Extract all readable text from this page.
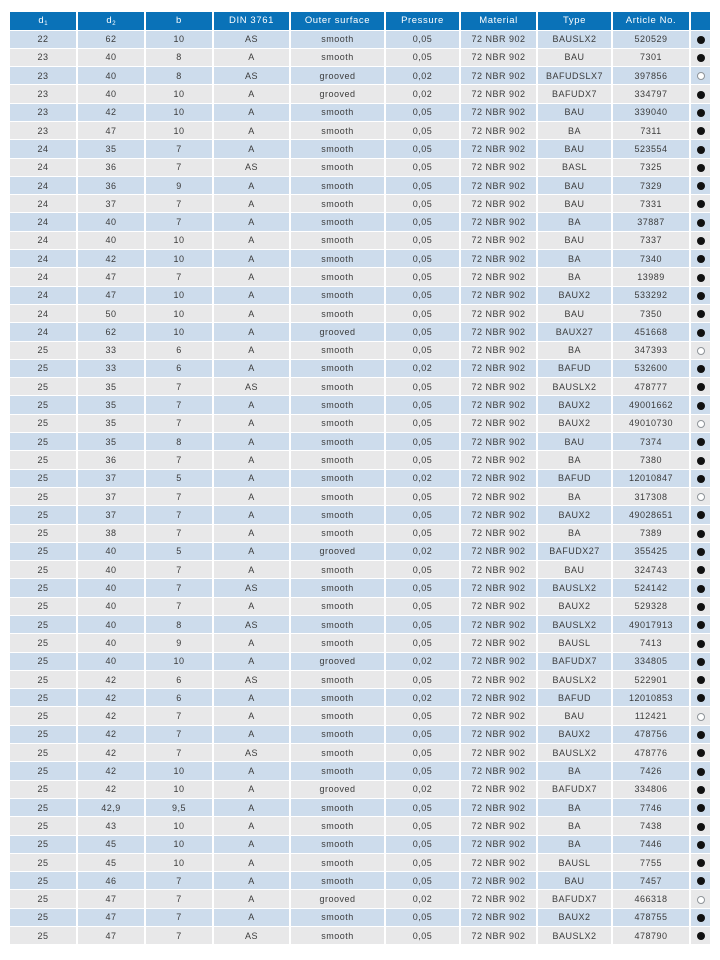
$d_1$	$d_2$	b	DIN 3761	Outer surface	Pressure	Material	Type	Article No.	
22	62	10	AS	smooth	0,05	72 NBR 902	BAUSLX2	520529	
23	40	8	A	smooth	0,05	72 NBR 902	BAU	7301	
23	40	8	AS	grooved	0,02	72 NBR 902	BAFUDSLX7	397856	
23	40	10	A	grooved	0,02	72 NBR 902	BAFUDX7	334797	
23	42	10	A	smooth	0,05	72 NBR 902	BAU	339040	
23	47	10	A	smooth	0,05	72 NBR 902	BA	7311	
24	35	7	A	smooth	0,05	72 NBR 902	BAU	523554	
24	36	7	AS	smooth	0,05	72 NBR 902	BASL	7325	
24	36	9	A	smooth	0,05	72 NBR 902	BAU	7329	
24	37	7	A	smooth	0,05	72 NBR 902	BAU	7331	
24	40	7	A	smooth	0,05	72 NBR 902	BA	37887	
24	40	10	A	smooth	0,05	72 NBR 902	BAU	7337	
24	42	10	A	smooth	0,05	72 NBR 902	BA	7340	
24	47	7	A	smooth	0,05	72 NBR 902	BA	13989	
24	47	10	A	smooth	0,05	72 NBR 902	BAUX2	533292	
24	50	10	A	smooth	0,05	72 NBR 902	BAU	7350	
24	62	10	A	grooved	0,05	72 NBR 902	BAUX27	451668	
25	33	6	A	smooth	0,05	72 NBR 902	BA	347393	
25	33	6	A	smooth	0,02	72 NBR 902	BAFUD	532600	
25	35	7	AS	smooth	0,05	72 NBR 902	BAUSLX2	478777	
25	35	7	A	smooth	0,05	72 NBR 902	BAUX2	49001662	
25	35	7	A	smooth	0,05	72 NBR 902	BAUX2	49010730	
25	35	8	A	smooth	0,05	72 NBR 902	BAU	7374	
25	36	7	A	smooth	0,05	72 NBR 902	BA	7380	
25	37	5	A	smooth	0,02	72 NBR 902	BAFUD	12010847	
25	37	7	A	smooth	0,05	72 NBR 902	BA	317308	
25	37	7	A	smooth	0,05	72 NBR 902	BAUX2	49028651	
25	38	7	A	smooth	0,05	72 NBR 902	BA	7389	
25	40	5	A	grooved	0,02	72 NBR 902	BAFUDX27	355425	
25	40	7	A	smooth	0,05	72 NBR 902	BAU	324743	
25	40	7	AS	smooth	0,05	72 NBR 902	BAUSLX2	524142	
25	40	7	A	smooth	0,05	72 NBR 902	BAUX2	529328	
25	40	8	AS	smooth	0,05	72 NBR 902	BAUSLX2	49017913	
25	40	9	A	smooth	0,05	72 NBR 902	BAUSL	7413	
25	40	10	A	grooved	0,02	72 NBR 902	BAFUDX7	334805	
25	42	6	AS	smooth	0,05	72 NBR 902	BAUSLX2	522901	
25	42	6	A	smooth	0,02	72 NBR 902	BAFUD	12010853	
25	42	7	A	smooth	0,05	72 NBR 902	BAU	112421	
25	42	7	A	smooth	0,05	72 NBR 902	BAUX2	478756	
25	42	7	AS	smooth	0,05	72 NBR 902	BAUSLX2	478776	
25	42	10	A	smooth	0,05	72 NBR 902	BA	7426	
25	42	10	A	grooved	0,02	72 NBR 902	BAFUDX7	334806	
25	42,9	9,5	A	smooth	0,05	72 NBR 902	BA	7746	
25	43	10	A	smooth	0,05	72 NBR 902	BA	7438	
25	45	10	A	smooth	0,05	72 NBR 902	BA	7446	
25	45	10	A	smooth	0,05	72 NBR 902	BAUSL	7755	
25	46	7	A	smooth	0,05	72 NBR 902	BAU	7457	
25	47	7	A	grooved	0,02	72 NBR 902	BAFUDX7	466318	
25	47	7	A	smooth	0,05	72 NBR 902	BAUX2	478755	
25	47	7	AS	smooth	0,05	72 NBR 902	BAUSLX2	478790	
